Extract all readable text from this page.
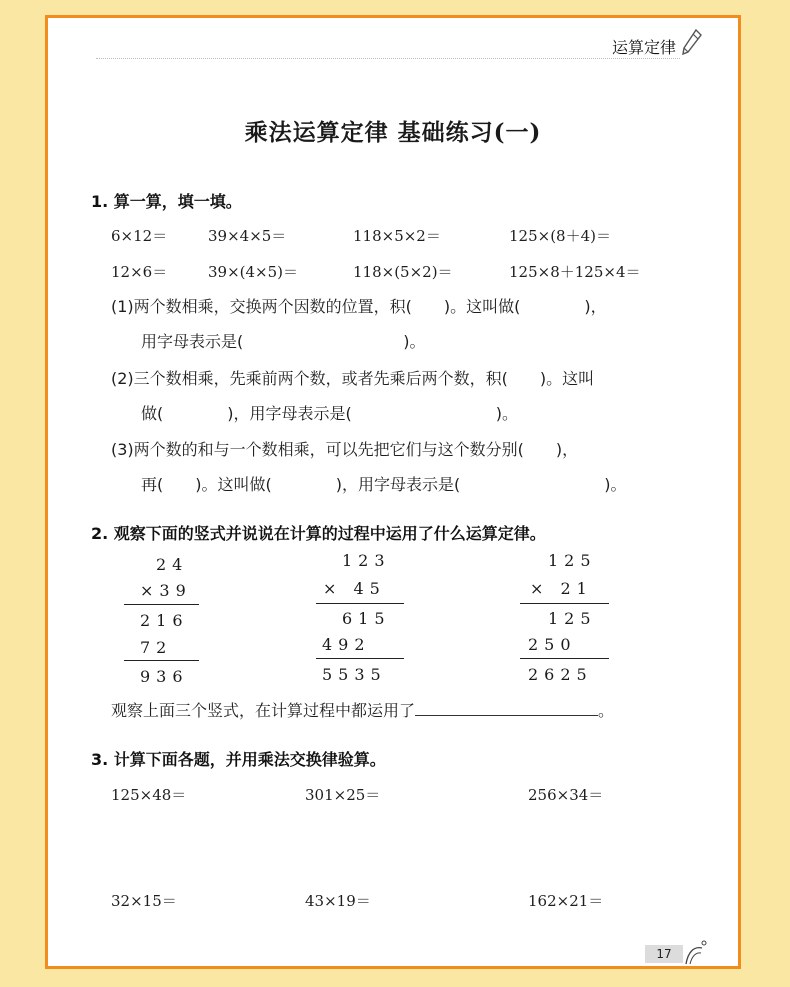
运算定律
乘法运算定律 基础练习(一)
1. 算一算，填一填。
6×12＝	39×4×5＝	118×5×2＝	125×(8＋4)＝
12×6＝	39×(4×5)＝	118×(5×2)＝	125×8＋125×4＝
(1)两个数相乘，交换两个因数的位置，积(　　)。这叫做(　　　　)，
用字母表示是(　　　　　　　　　　)。
(2)三个数相乘，先乘前两个数，或者先乘后两个数，积(　　)。这叫
做(　　　　)，用字母表示是(　　　　　　　　　)。
(3)两个数的和与一个数相乘，可以先把它们与这个数分别(　　)，
再(　　)。这叫做(　　　　)，用字母表示是(　　　　　　　　　)。
2. 观察下面的竖式并说说在计算的过程中运用了什么运算定律。
24
×39
216
72
936
123
× 45
615
492
5535
125
× 21
125
250
2625
观察上面三个竖式，在计算过程中都运用了	。
3. 计算下面各题，并用乘法交换律验算。
125×48＝	301×25＝	256×34＝
32×15＝	43×19＝	162×21＝
17
